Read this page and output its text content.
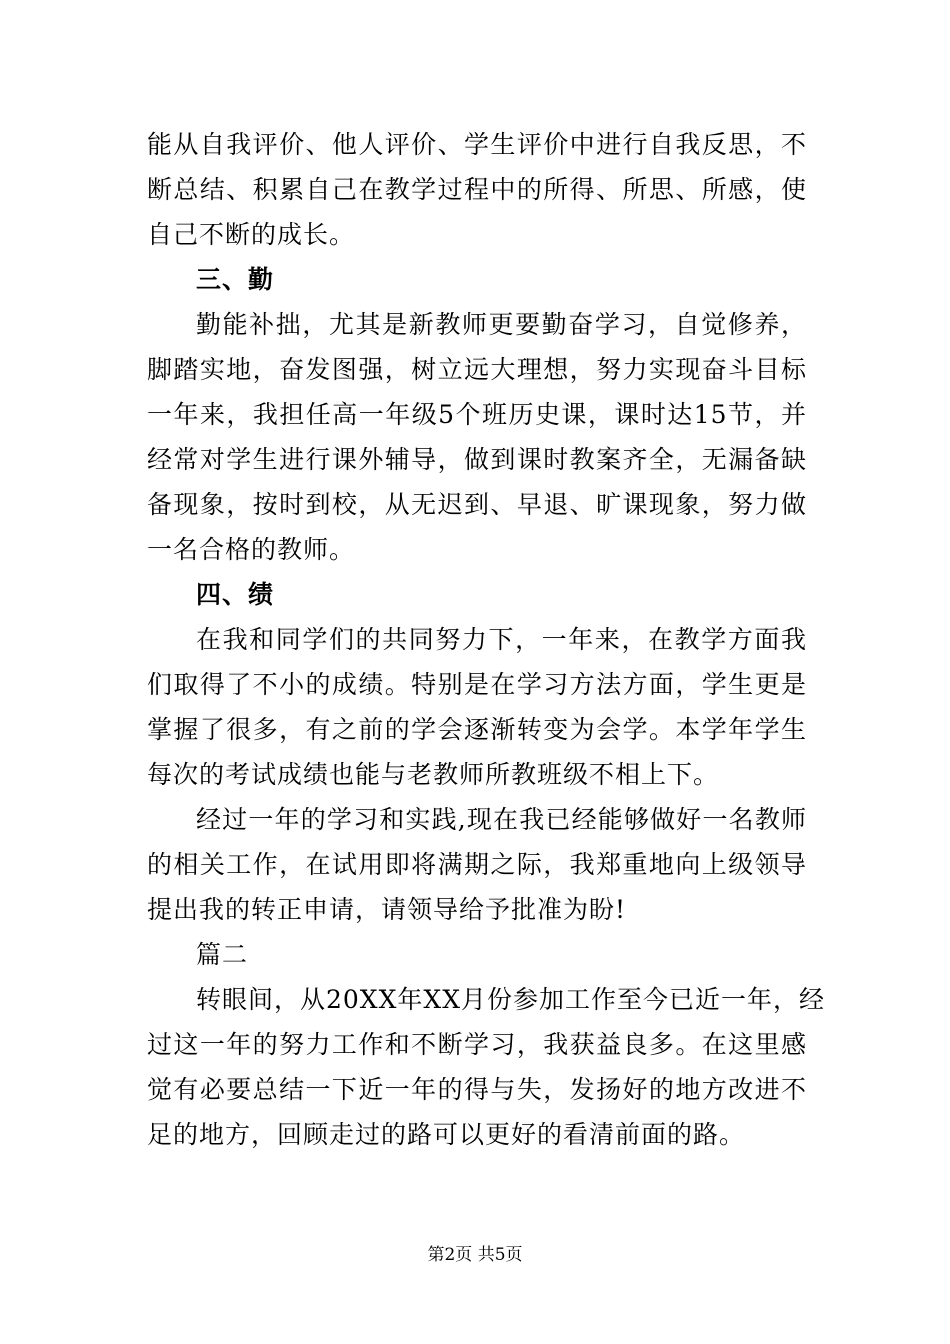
能从自我评价、他人评价、学生评价中进行自我反思，不
断总结、积累自己在教学过程中的所得、所思、所感，使
自己不断的成长。
三、勤
勤能补拙，尤其是新教师更要勤奋学习，自觉修养，
脚踏实地，奋发图强，树立远大理想，努力实现奋斗目标
一年来，我担任高一年级5个班历史课，课时达15节，并
经常对学生进行课外辅导，做到课时教案齐全，无漏备缺
备现象，按时到校，从无迟到、早退、旷课现象，努力做
一名合格的教师。
四、绩
在我和同学们的共同努力下，一年来，在教学方面我
们取得了不小的成绩。特别是在学习方法方面，学生更是
掌握了很多，有之前的学会逐渐转变为会学。本学年学生
每次的考试成绩也能与老教师所教班级不相上下。
经过一年的学习和实践,现在我已经能够做好一名教师
的相关工作，在试用即将满期之际，我郑重地向上级领导
提出我的转正申请，请领导给予批准为盼!
篇二
转眼间，从20XX年XX月份参加工作至今已近一年，经
过这一年的努力工作和不断学习，我获益良多。在这里感
觉有必要总结一下近一年的得与失，发扬好的地方改进不
足的地方，回顾走过的路可以更好的看清前面的路。
第2页 共5页
